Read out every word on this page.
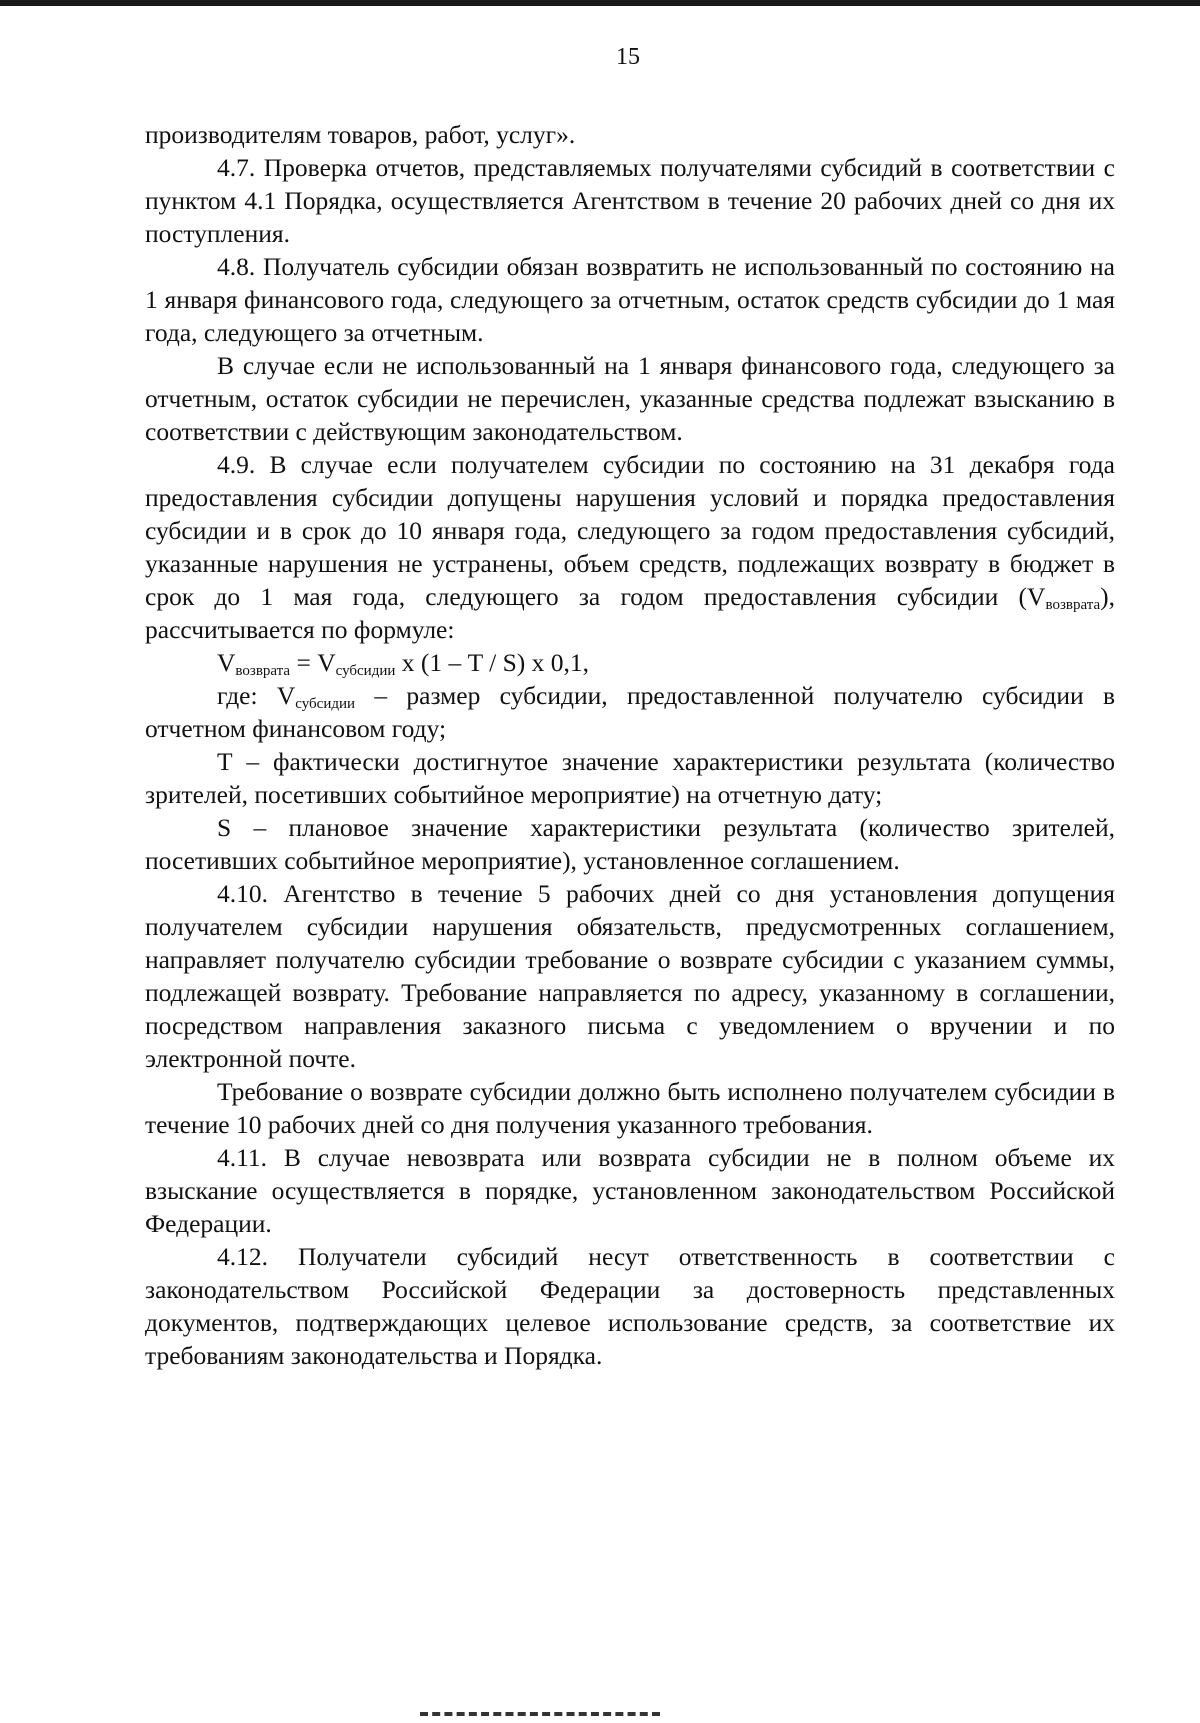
15

производителям товаров, работ, услуг».

4.7. Проверка отчетов, представляемых получателями субсидий в соответствии с пунктом 4.1 Порядка, осуществляется Агентством в течение 20 рабочих дней со дня их поступления.

4.8. Получатель субсидии обязан возвратить не использованный по состоянию на 1 января финансового года, следующего за отчетным, остаток средств субсидии до 1 мая года, следующего за отчетным.

В случае если не использованный на 1 января финансового года, следующего за отчетным, остаток субсидии не перечислен, указанные средства подлежат взысканию в соответствии с действующим законодательством.

4.9. В случае если получателем субсидии по состоянию на 31 декабря года предоставления субсидии допущены нарушения условий и порядка предоставления субсидии и в срок до 10 января года, следующего за годом предоставления субсидий, указанные нарушения не устранены, объем средств, подлежащих возврату в бюджет в срок до 1 мая года, следующего за годом предоставления субсидии $(V_{возврата})$, рассчитывается по формуле:

$V_{возврата} = V_{субсидии}$ х (1 – T / S) х 0,1,

где: $V_{субсидии}$ – размер субсидии, предоставленной получателю субсидии в отчетном финансовом году;

Т – фактически достигнутое значение характеристики результата (количество зрителей, посетивших событийное мероприятие) на отчетную дату;

S – плановое значение характеристики результата (количество зрителей, посетивших событийное мероприятие), установленное соглашением.

4.10. Агентство в течение 5 рабочих дней со дня установления допущения получателем субсидии нарушения обязательств, предусмотренных соглашением, направляет получателю субсидии требование о возврате субсидии с указанием суммы, подлежащей возврату. Требование направляется по адресу, указанному в соглашении, посредством направления заказного письма с уведомлением о вручении и по электронной почте.

Требование о возврате субсидии должно быть исполнено получателем субсидии в течение 10 рабочих дней со дня получения указанного требования.

4.11. В случае невозврата или возврата субсидии не в полном объеме их взыскание осуществляется в порядке, установленном законодательством Российской Федерации.

4.12. Получатели субсидий несут ответственность в соответствии с законодательством Российской Федерации за достоверность представленных документов, подтверждающих целевое использование средств, за соответствие их требованиям законодательства и Порядка.
